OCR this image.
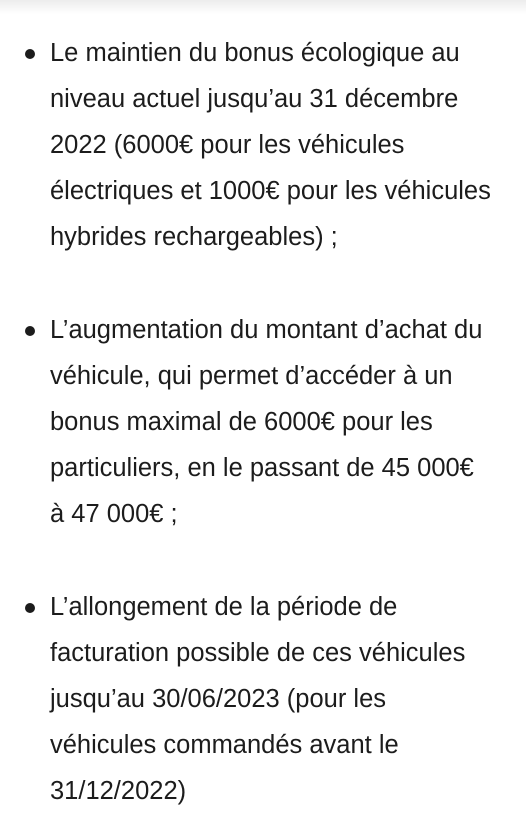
Le maintien du bonus écologique au
niveau actuel jusqu’au 31 décembre
2022 (6000€ pour les véhicules
électriques et 1000€ pour les véhicules
hybrides rechargeables) ;
L’augmentation du montant d’achat du
véhicule, qui permet d’accéder à un
bonus maximal de 6000€ pour les
particuliers, en le passant de 45 000€
à 47 000€ ;
L’allongement de la période de
facturation possible de ces véhicules
jusqu’au 30/06/2023 (pour les
véhicules commandés avant le
31/12/2022)
